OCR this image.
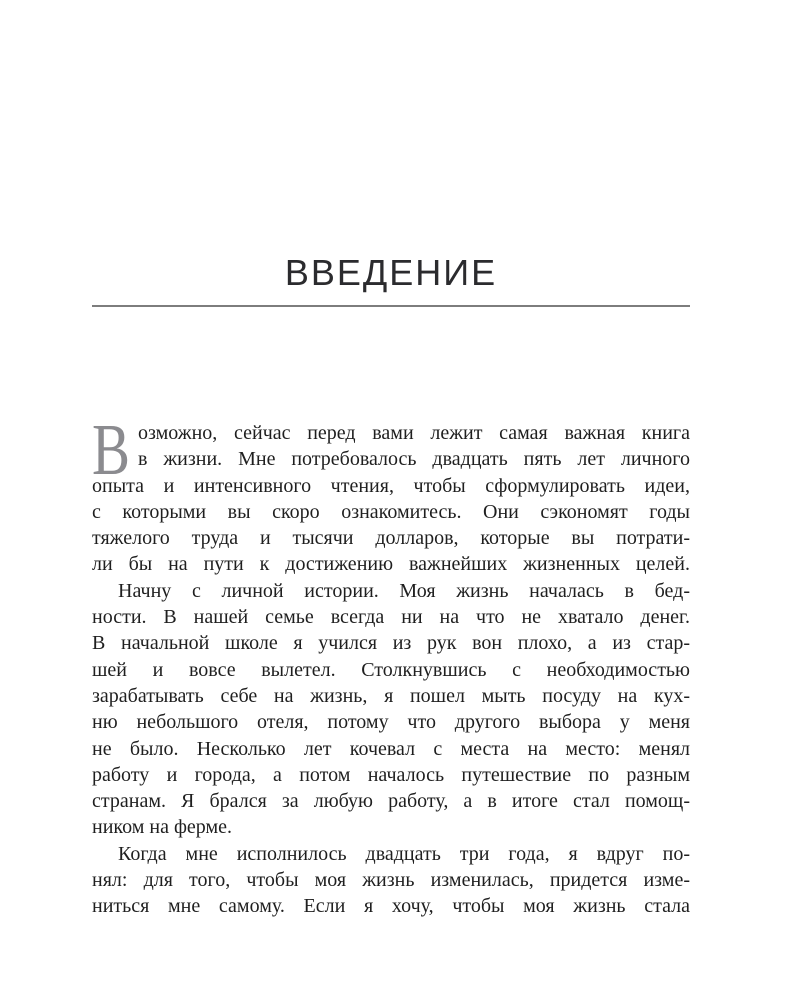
ВВЕДЕНИЕ
В озможно, сейчас перед вами лежит самая важная книга
в жизни. Мне потребовалось двадцать пять лет личного
опыта и интенсивного чтения, чтобы сформулировать идеи,
с которыми вы скоро ознакомитесь. Они сэкономят годы
тяжелого труда и тысячи долларов, которые вы потрати-
ли бы на пути к достижению важнейших жизненных целей.
Начну с личной истории. Моя жизнь началась в бед-
ности. В нашей семье всегда ни на что не хватало денег.
В начальной школе я учился из рук вон плохо, а из стар-
шей и вовсе вылетел. Столкнувшись с необходимостью
зарабатывать себе на жизнь, я пошел мыть посуду на кух-
ню небольшого отеля, потому что другого выбора у меня
не было. Несколько лет кочевал с места на место: менял
работу и города, а потом началось путешествие по разным
странам. Я брался за любую работу, а в итоге стал помощ-
ником на ферме.
Когда мне исполнилось двадцать три года, я вдруг по-
нял: для того, чтобы моя жизнь изменилась, придется изме-
ниться мне самому. Если я хочу, чтобы моя жизнь стала
